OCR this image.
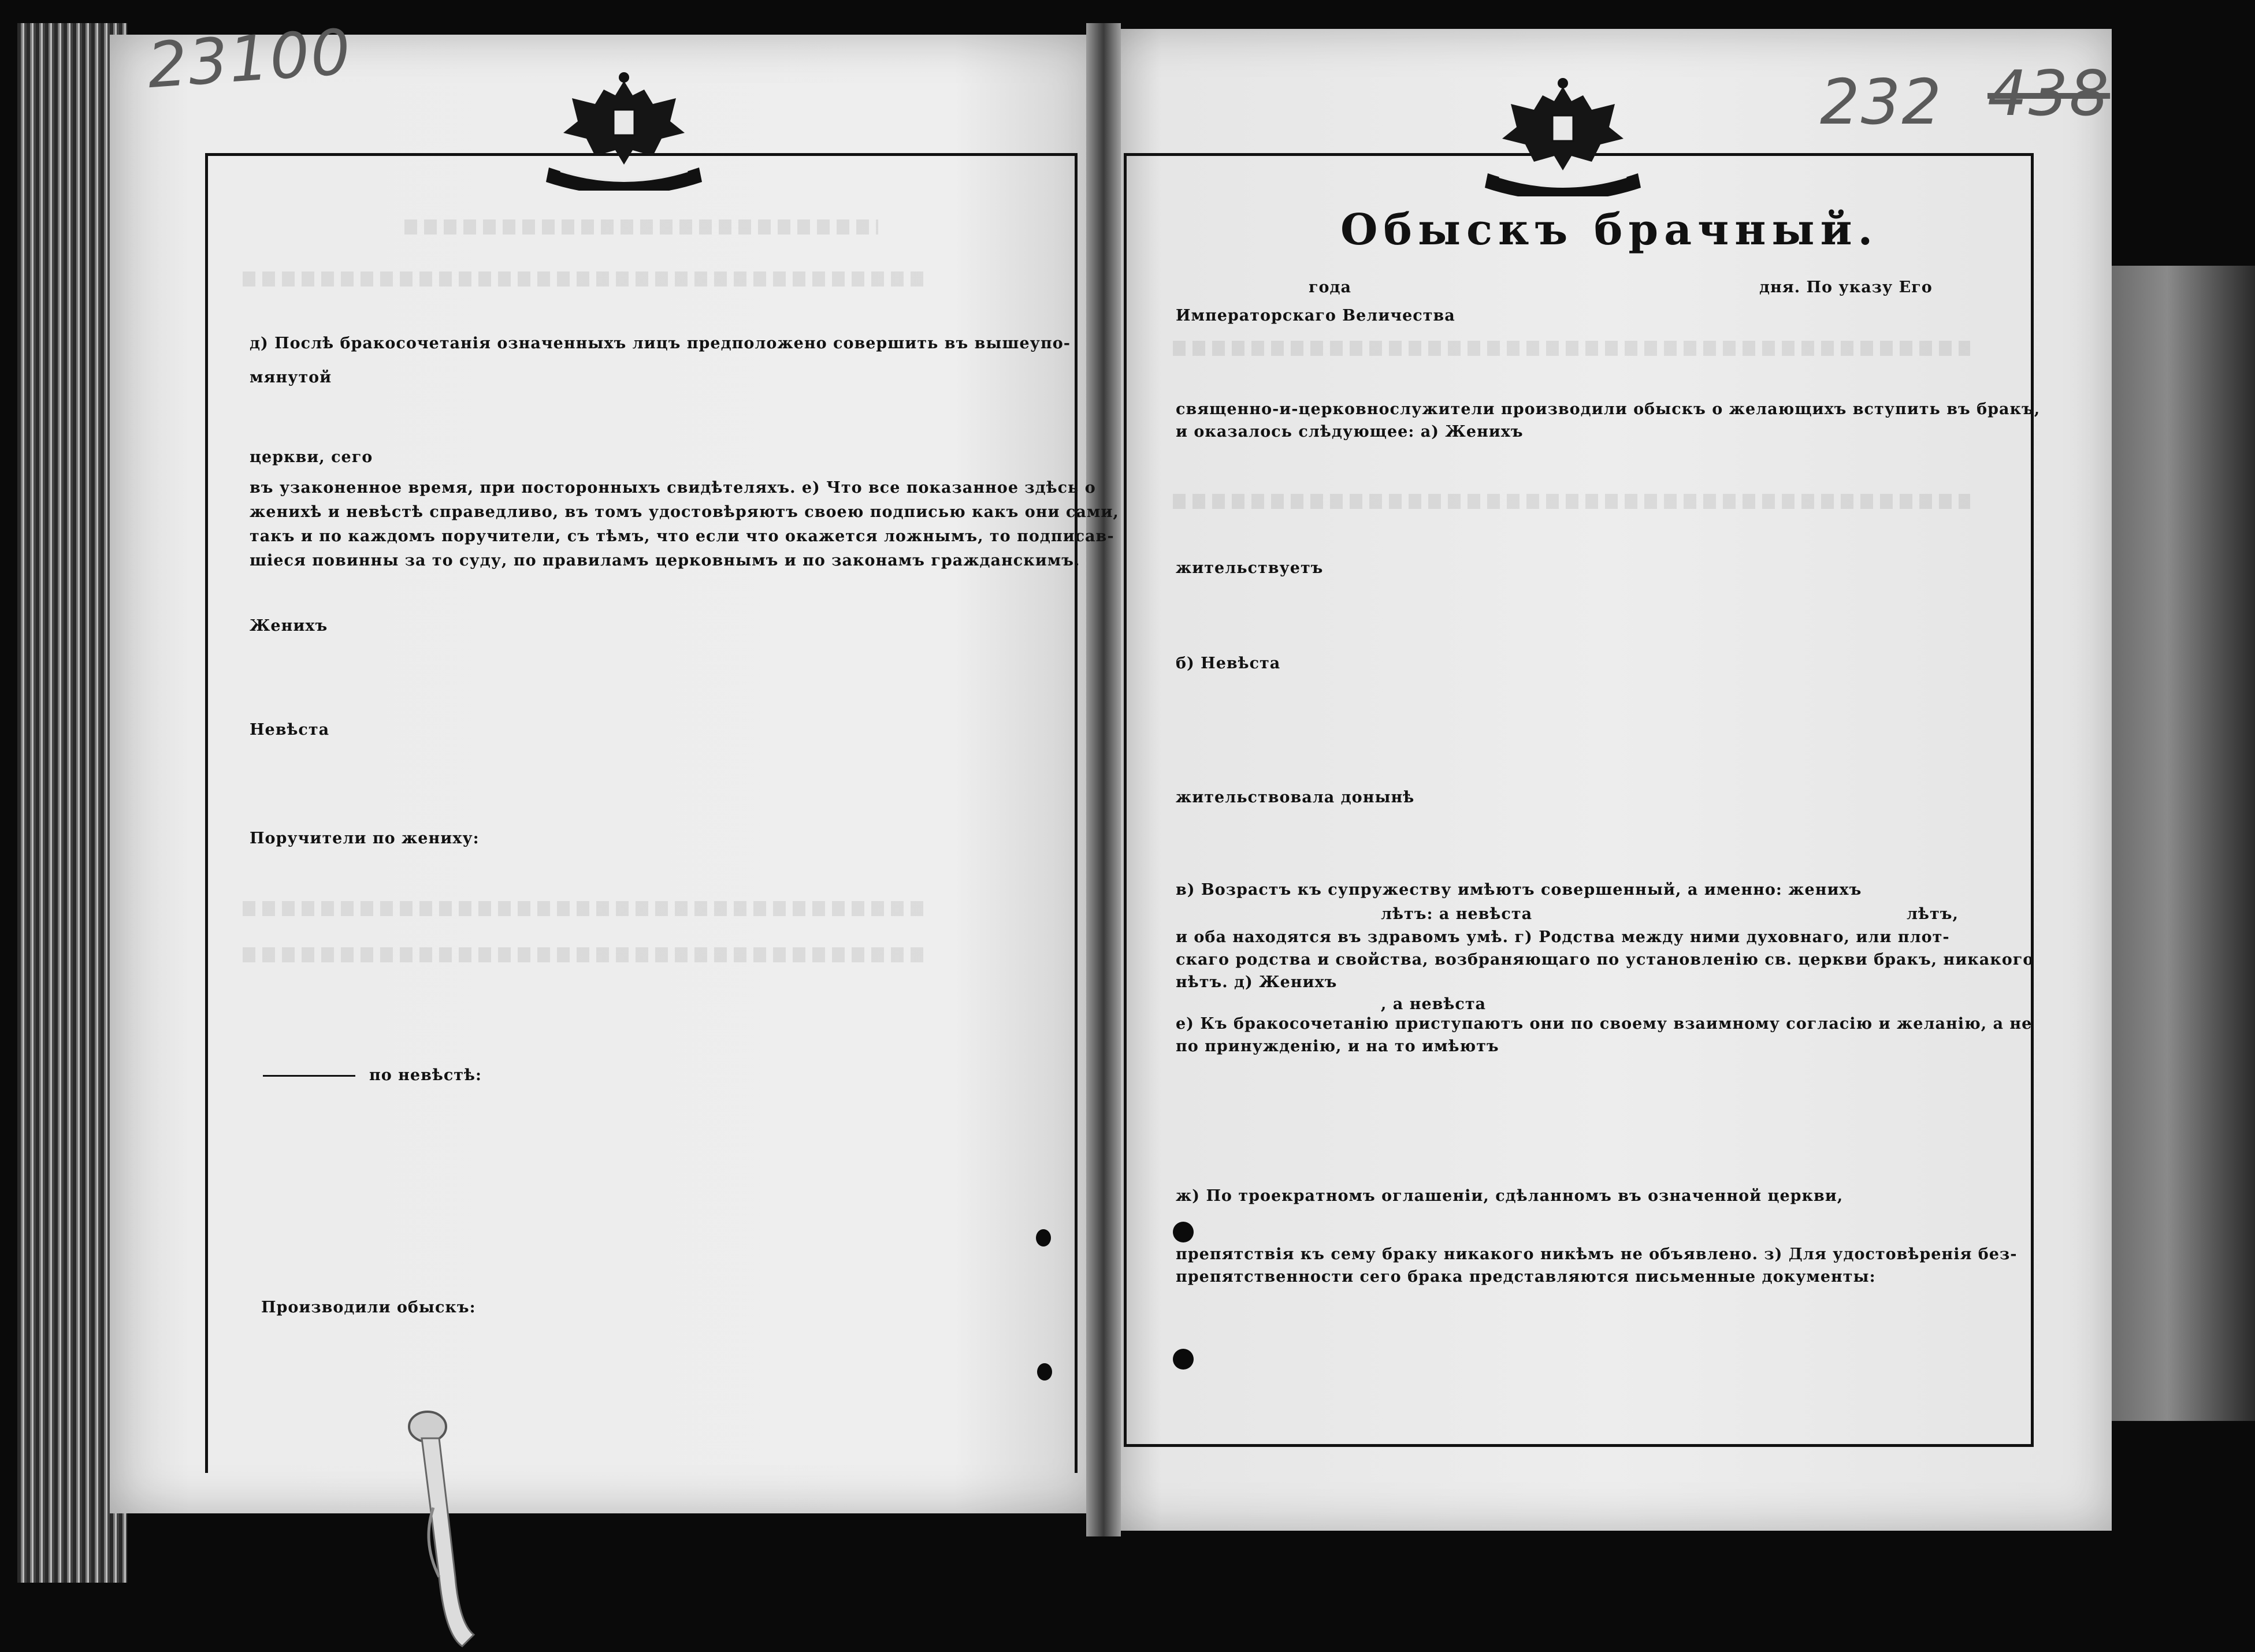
23100
232 438
д) Послѣ бракосочетанія означенныхъ лицъ предположено совершить въ вышеупо-
мянутой
церкви, сего
въ узаконенное время, при посторонныхъ свидѣтеляхъ. е) Что все показанное здѣсь о
женихѣ и невѣстѣ справедливо, въ томъ удостовѣряютъ своею подписью какъ они сами,
такъ и по каждомъ поручители, съ тѣмъ, что если что окажется ложнымъ, то подписав-
шіеся повинны за то суду, по правиламъ церковнымъ и по законамъ гражданскимъ.
Женихъ
Невѣста
Поручители по жениху:
по невѣстѣ:
Производили обыскъ:
Обыскъ брачный.
года	дня. По указу Его
Императорскаго Величества
священно-и-церковнослужители производили обыскъ о желающихъ вступить въ бракъ,
и оказалось слѣдующее: а) Женихъ
жительствуетъ
б) Невѣста
жительствовала донынѣ
в) Возрастъ къ супружеству имѣютъ совершенный, а именно: женихъ
лѣтъ: а невѣста	лѣтъ,
и оба находятся въ здравомъ умѣ. г) Родства между ними духовнаго, или плот-
скаго родства и свойства, возбраняющаго по установленію св. церкви бракъ, никакого
нѣтъ. д) Женихъ
, а невѣста
е) Къ бракосочетанію приступаютъ они по своему взаимному согласію и желанію, а не
по принужденію, и на то имѣютъ
ж) По троекратномъ оглашеніи, сдѣланномъ въ означенной церкви,
препятствія къ сему браку никакого никѣмъ не объявлено. з) Для удостовѣренія без-
препятственности сего брака представляются письменные документы:
